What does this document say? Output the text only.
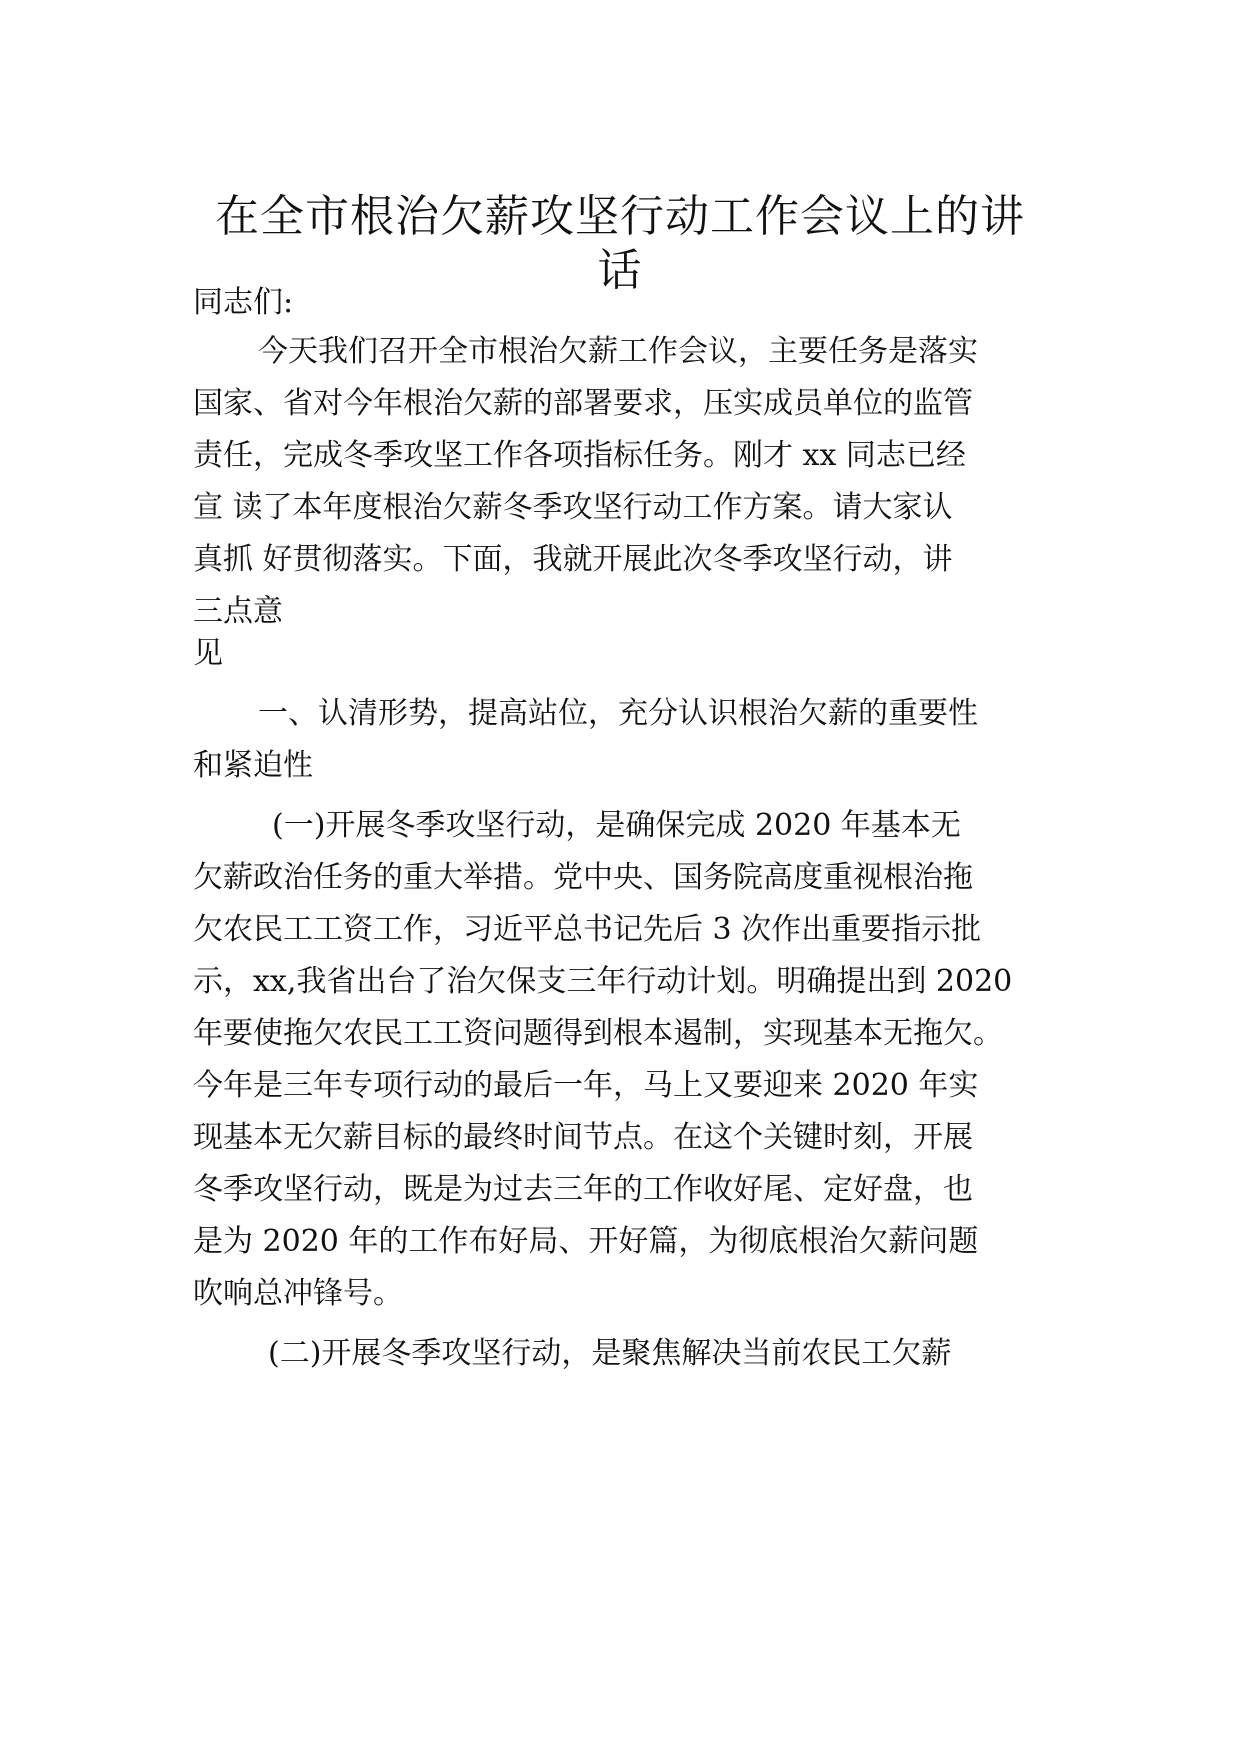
在全市根治欠薪攻坚行动工作会议上的讲
话

同志们:

今天我们召开全市根治欠薪工作会议，主要任务是落实

国家、省对今年根治欠薪的部署要求，压实成员单位的监管

责任，完成冬季攻坚工作各项指标任务。刚才 xx 同志已经

宣 读了本年度根治欠薪冬季攻坚行动工作方案。请大家认

真抓 好贯彻落实。下面，我就开展此次冬季攻坚行动，讲

三点意

见

一、认清形势，提高站位，充分认识根治欠薪的重要性

和紧迫性

(一)开展冬季攻坚行动，是确保完成 2020 年基本无

欠薪政治任务的重大举措。党中央、国务院高度重视根治拖

欠农民工工资工作，习近平总书记先后 3 次作出重要指示批

示，xx,我省出台了治欠保支三年行动计划。明确提出到 2020

年要使拖欠农民工工资问题得到根本遏制，实现基本无拖欠。

今年是三年专项行动的最后一年，马上又要迎来 2020 年实

现基本无欠薪目标的最终时间节点。在这个关键时刻，开展

冬季攻坚行动，既是为过去三年的工作收好尾、定好盘，也

是为 2020 年的工作布好局、开好篇，为彻底根治欠薪问题

吹响总冲锋号。

(二)开展冬季攻坚行动，是聚焦解决当前农民工欠薪
